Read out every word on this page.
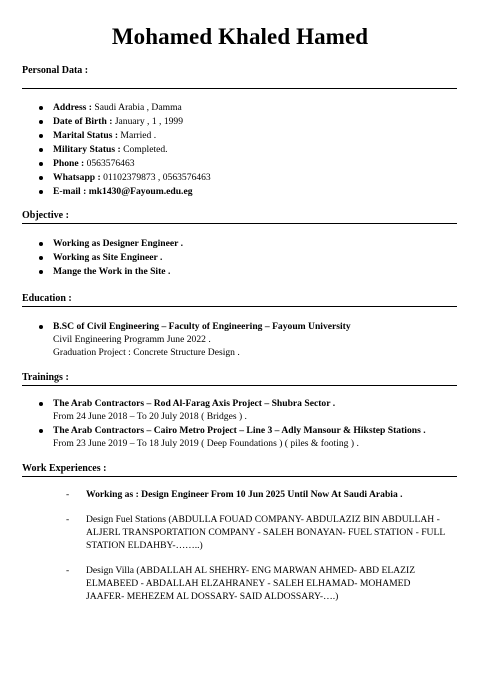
Mohamed Khaled Hamed
Personal Data :
Address : Saudi Arabia , Damma
Date of Birth : January , 1 , 1999
Marital Status : Married .
Military Status : Completed.
Phone : 0563576463
Whatsapp : 01102379873 , 0563576463
E-mail : mk1430@Fayoum.edu.eg
Objective :
Working as Designer Engineer .
Working as Site Engineer .
Mange the Work in the Site .
Education :
B.SC of Civil Engineering – Faculty of Engineering – Fayoum University
Civil Engineering Programm June 2022 .
Graduation Project : Concrete Structure Design .
Trainings :
The Arab Contractors – Rod Al-Farag Axis Project – Shubra Sector .
From 24 June 2018 – To 20 July 2018 ( Bridges ) .
The Arab Contractors – Cairo Metro Project – Line 3 – Adly Mansour & Hikstep Stations .
From 23 June 2019 – To 18 July 2019 ( Deep Foundations ) ( piles & footing ) .
Work Experiences :
- Working as : Design Engineer From 10 Jun 2025 Until Now At Saudi Arabia .
- Design Fuel Stations (ABDULLA FOUAD COMPANY- ABDULAZIZ BIN ABDULLAH - ALJERL TRANSPORTATION COMPANY - SALEH BONAYAN- FUEL STATION - FULL STATION ELDAHBY-……..)
- Design Villa (ABDALLAH AL SHEHRY- ENG MARWAN AHMED- ABD ELAZIZ ELMABEED - ABDALLAH ELZAHRANEY - SALEH ELHAMAD- MOHAMED JAAFER- MEHEZEM AL DOSSARY- SAID ALDOSSARY-….)
